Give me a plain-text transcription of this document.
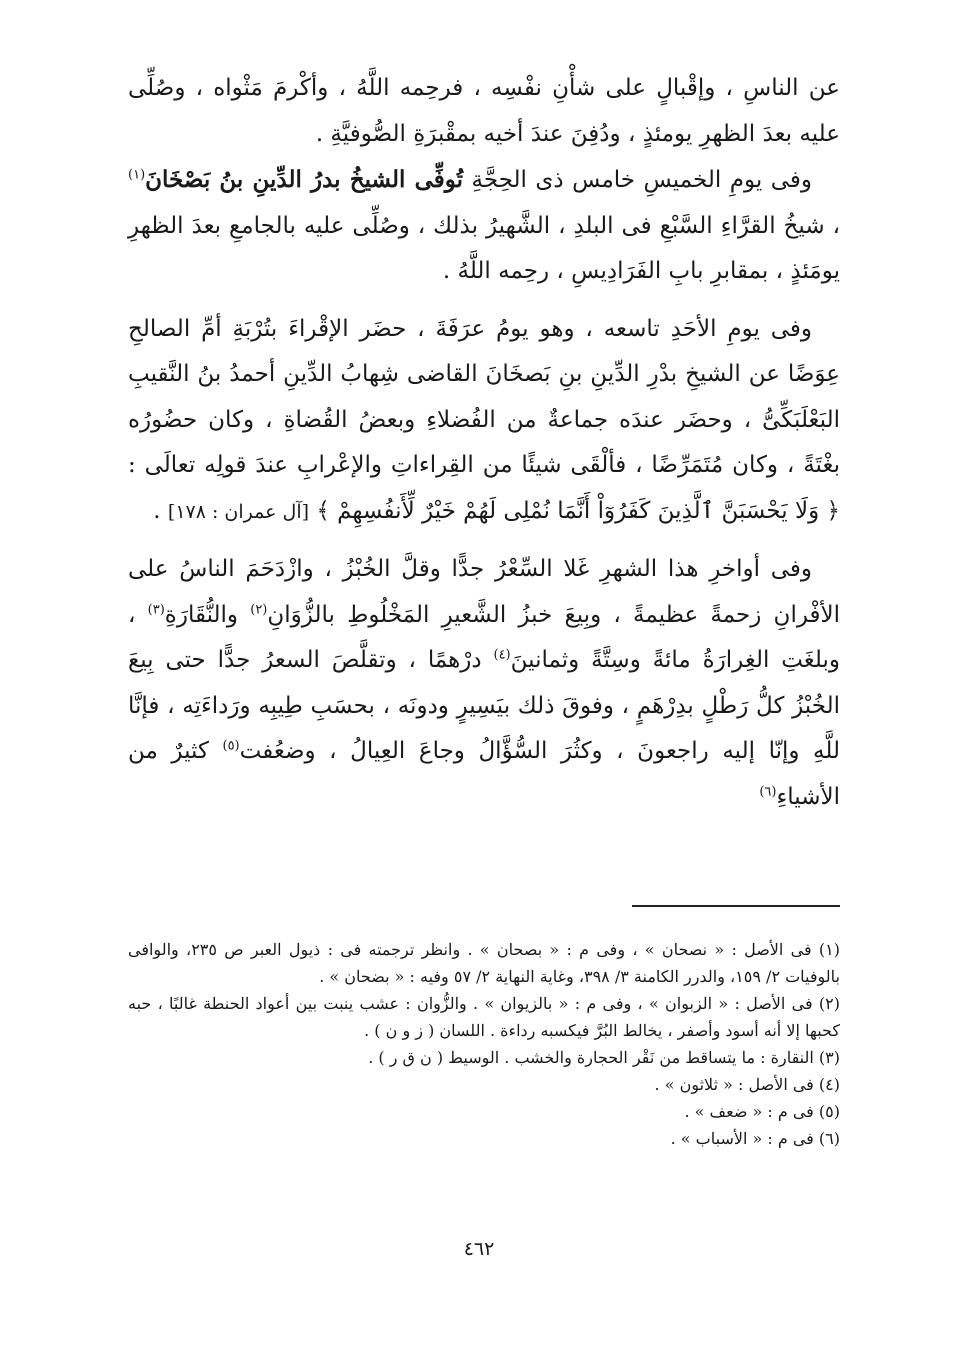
عن الناسِ ، وإقْبالٍ على شأْنِ نفْسِه ، فرحِمه اللَّهُ ، وأكْرمَ مَثْواه ، وصُلِّى عليه بعدَ الظهرِ يومئذٍ ، ودُفِنَ عندَ أخيه بمقْبرَةِ الصُّوفيَّةِ .

وفى يومِ الخميسِ خامس ذى الحِجَّةِ تُوفِّى الشيخُ بدرُ الدِّينِ بنُ بَصْخَانَ$^{(١)}$ ، شيخُ القرَّاءِ السَّبْعِ فى البلدِ ، الشَّهيرُ بذلك ، وصُلِّى عليه بالجامعِ بعدَ الظهرِ يومَئذٍ ، بمقابرِ بابِ الفَرَادِيسِ ، رحِمه اللَّهُ .

وفى يومِ الأحَدِ تاسعه ، وهو يومُ عرَفَةَ ، حضَر الإقْراءَ بتُرْبَةِ أمِّ الصالحِ عِوَضًا عن الشيخِ بدْرِ الدِّينِ بنِ بَصخَانَ القاضى شِهابُ الدِّينِ أحمدُ بنُ النَّقيبِ البَعْلَبَكِّىُّ ، وحضَر عندَه جماعةٌ من الفُضلاءِ وبعضُ القُضاةِ ، وكان حضُورُه بغْتَةً ، وكان مُتَمَرِّضًا ، فألْقَى شيئًا من القِراءاتِ والإعْرابِ عندَ قولِه تعالَى : ﴿ وَلَا يَحْسَبَنَّ ٱلَّذِينَ كَفَرُوٓاْ أَنَّمَا نُمْلِى لَهُمْ خَيْرٌ لِّأَنفُسِهِمْ ﴾ [آل عمران : ١٧٨] .

وفى أواخرِ هذا الشهرِ غَلا السِّعْرُ جدًّا وقلَّ الخُبْزُ ، وازْدَحَمَ الناسُ على الأفْرانِ زحمةً عظيمةً ، وبِيعَ خبزُ الشَّعيرِ المَخْلُوطِ بالزُّوَانِ$^{(٢)}$ والنُّقَارَةِ$^{(٣)}$ ، وبلغَتِ الغِرارَةُ مائةً وسِتَّةً وثمانينَ$^{(٤)}$ درْهمًا ، وتقلَّصَ السعرُ جدًّا حتى بِيعَ الخُبْزُ كلُّ رَطْلٍ بدِرْهَمٍ ، وفوقَ ذلك بيَسِيرٍ ودونَه ، بحسَبِ طِيبِه ورَداءَتِه ، فإنَّا للَّهِ وإنّا إليه راجعونَ ، وكثُرَ السُّؤَّالُ وجاعَ العِيالُ ، وضعُفت$^{(٥)}$ كثيرٌ من الأشياءِ$^{(٦)}$

(١) فى الأصل : « نصحان » ، وفى م : « بصحان » . وانظر ترجمته فى : ذيول العبر ص ٢٣٥، والوافى بالوفيات ٢/ ١٥٩، والدرر الكامنة ٣/ ٣٩٨، وغاية النهاية ٢/ ٥٧ وفيه : « بضحان » .

(٢) فى الأصل : « الزبوان » ، وفى م : « بالزيوان » . والزُّوان : عشب ينبت بين أعواد الحنطة غالبًا ، حبه كحبها إلا أنه أسود وأصفر ، يخالط البُرَّ فيكسبه رداءة . اللسان ( ز و ن ) .

(٣) النقارة : ما يتساقط من نَقْر الحجارة والخشب . الوسيط ( ن ق ر ) .

(٤) فى الأصل : « ثلاثون » .

(٥) فى م : « ضعف » .

(٦) فى م : « الأسباب » .

٤٦٢
